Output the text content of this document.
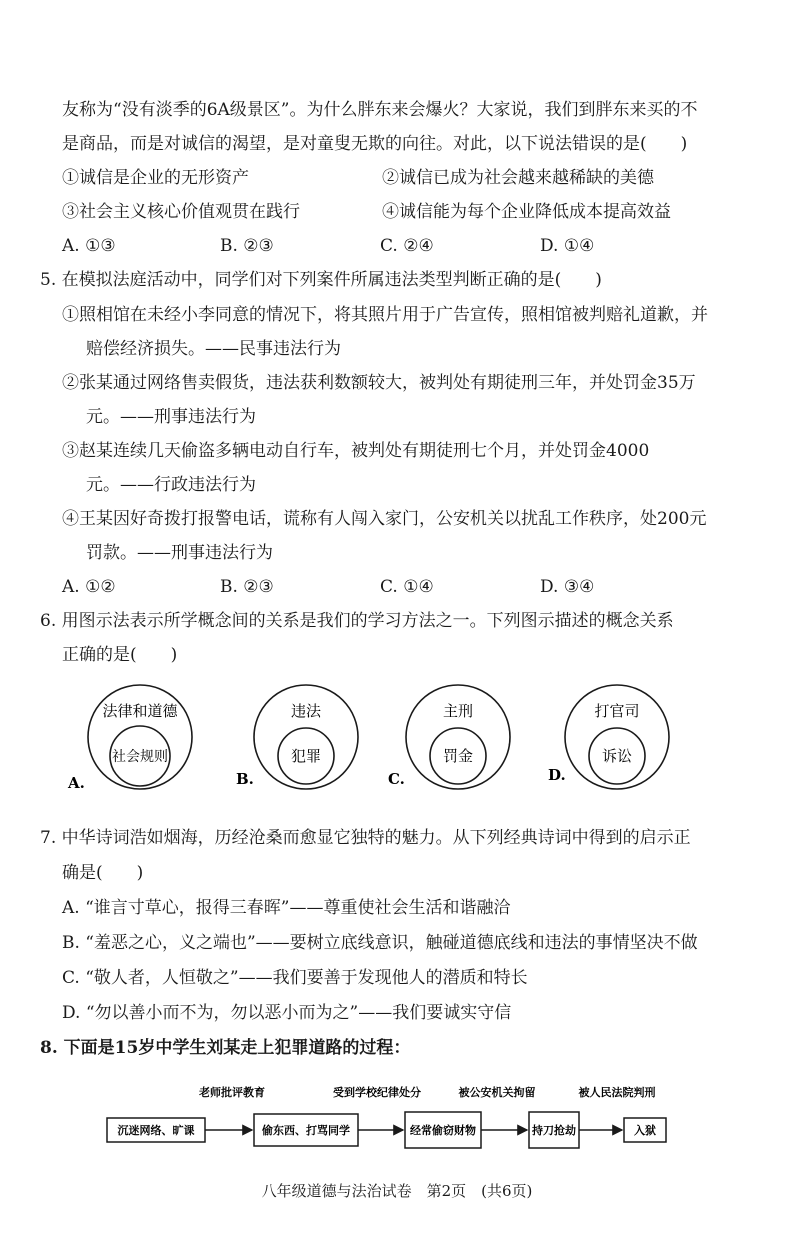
友称为“没有淡季的6A级景区”。为什么胖东来会爆火？大家说，我们到胖东来买的不
是商品，而是对诚信的渴望，是对童叟无欺的向往。对此，以下说法错误的是(　　)
①诚信是企业的无形资产	②诚信已成为社会越来越稀缺的美德
③社会主义核心价值观贯在践行	④诚信能为每个企业降低成本提高效益
A. ①③	B. ②③	C. ②④	D. ①④
5. 在模拟法庭活动中，同学们对下列案件所属违法类型判断正确的是(　　)
①照相馆在未经小李同意的情况下，将其照片用于广告宣传，照相馆被判赔礼道歉，并
赔偿经济损失。——民事违法行为
②张某通过网络售卖假货，违法获利数额较大，被判处有期徒刑三年，并处罚金35万
元。——刑事违法行为
③赵某连续几天偷盗多辆电动自行车，被判处有期徒刑七个月，并处罚金4000
元。——行政违法行为
④王某因好奇拨打报警电话，谎称有人闯入家门，公安机关以扰乱工作秩序，处200元
罚款。——刑事违法行为
A. ①②	B. ②③	C. ①④	D. ③④
6. 用图示法表示所学概念间的关系是我们的学习方法之一。下列图示描述的概念关系
正确的是(　　)
法律和道德
社会规则
A.
违法
犯罪
B.
主刑
罚金
C.
打官司
诉讼
D.
7. 中华诗词浩如烟海，历经沧桑而愈显它独特的魅力。从下列经典诗词中得到的启示正
确是(　　)
A. “谁言寸草心，报得三春晖”——尊重使社会生活和谐融洽
B. “羞恶之心，义之端也”——要树立底线意识，触碰道德底线和违法的事情坚决不做
C. “敬人者，人恒敬之”——我们要善于发现他人的潜质和特长
D. “勿以善小而不为，勿以恶小而为之”——我们要诚实守信
8. 下面是15岁中学生刘某走上犯罪道路的过程：
沉迷网络、旷课	偷东西、打骂同学	经常偷窃财物	持刀抢劫	入狱
老师批评教育	受到学校纪律处分	被公安机关拘留	被人民法院判刑
八年级道德与法治试卷　第2页　(共6页)
